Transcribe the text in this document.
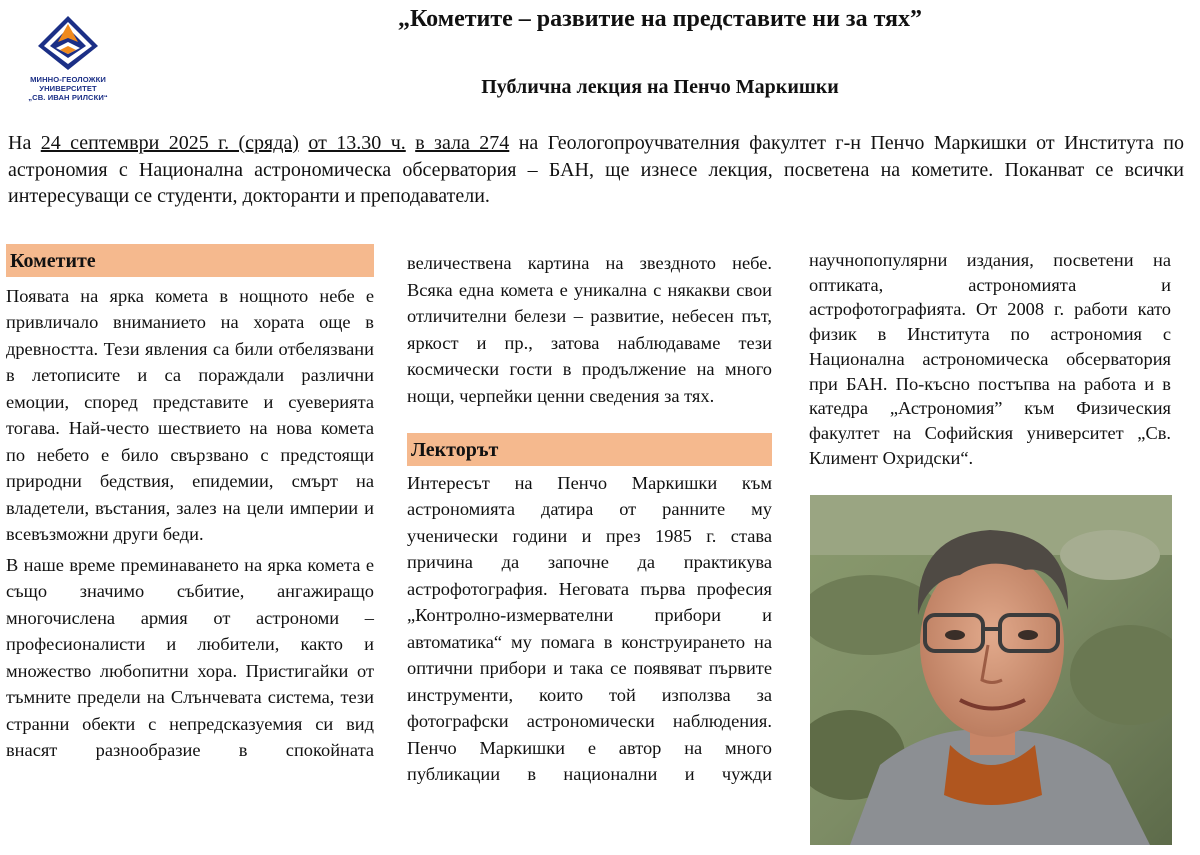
МИННО-ГЕОЛОЖКИ
УНИВЕРСИТЕТ
„СВ. ИВАН РИЛСКИ“
„Кометите – развитие на представите ни за тях”
Публична лекция на Пенчо Маркишки
На 24 септември 2025 г. (сряда) от 13.30 ч. в зала 274 на Геологопроучвателния факултет г-н Пенчо Маркишки от Института по астрономия с Национална астрономическа обсерватория – БАН, ще изнесе лекция, посветена на кометите. Поканват се всички интересуващи се студенти, докторанти и преподаватели.
Кометите

Появата на ярка комета в нощното небе е привличало вниманието на хората още в древността. Тези явления са били отбелязвани в летописите и са пораждали различни емоции, според представите и суеверията тогава. Най-често шествието на нова комета по небето е било свързвано с предстоящи природни бедствия, епидемии, смърт на владетели, въстания, залез на цели империи и всевъзможни други беди.

В наше време преминаването на ярка комета е също значимо събитие, ангажиращо многочислена армия от астрономи – професионалисти и любители, както и множество любопитни хора. Пристигайки от тъмните предели на Слънчевата система, тези странни обекти с непредсказуемия си вид внасят разнообразие в спокойната

величествена картина на звездното небе. Всяка една комета е уникална с някакви свои отличителни белези – развитие, небесен път, яркост и пр., затова наблюдаваме тези космически гости в продължение на много нощи, черпейки ценни сведения за тях.

Лекторът

Интересът на Пенчо Маркишки към астрономията датира от ранните му ученически години и през 1985 г. става причина да започне да практикува астрофотография. Неговата първа професия „Контролно-измервателни прибори и автоматика“ му помага в конструирането на оптични прибори и така се появяват първите инструменти, които той използва за фотографски астрономически наблюдения. Пенчо Маркишки е автор на много публикации в национални и чужди

научнопопулярни издания, посветени на оптиката, астрономията и астрофотографията. От 2008 г. работи като физик в Института по астрономия с Национална астрономическа обсерватория при БАН. По-късно постъпва на работа и в катедра „Астрономия” към Физическия факултет на Софийския университет „Св. Климент Охридски“.
